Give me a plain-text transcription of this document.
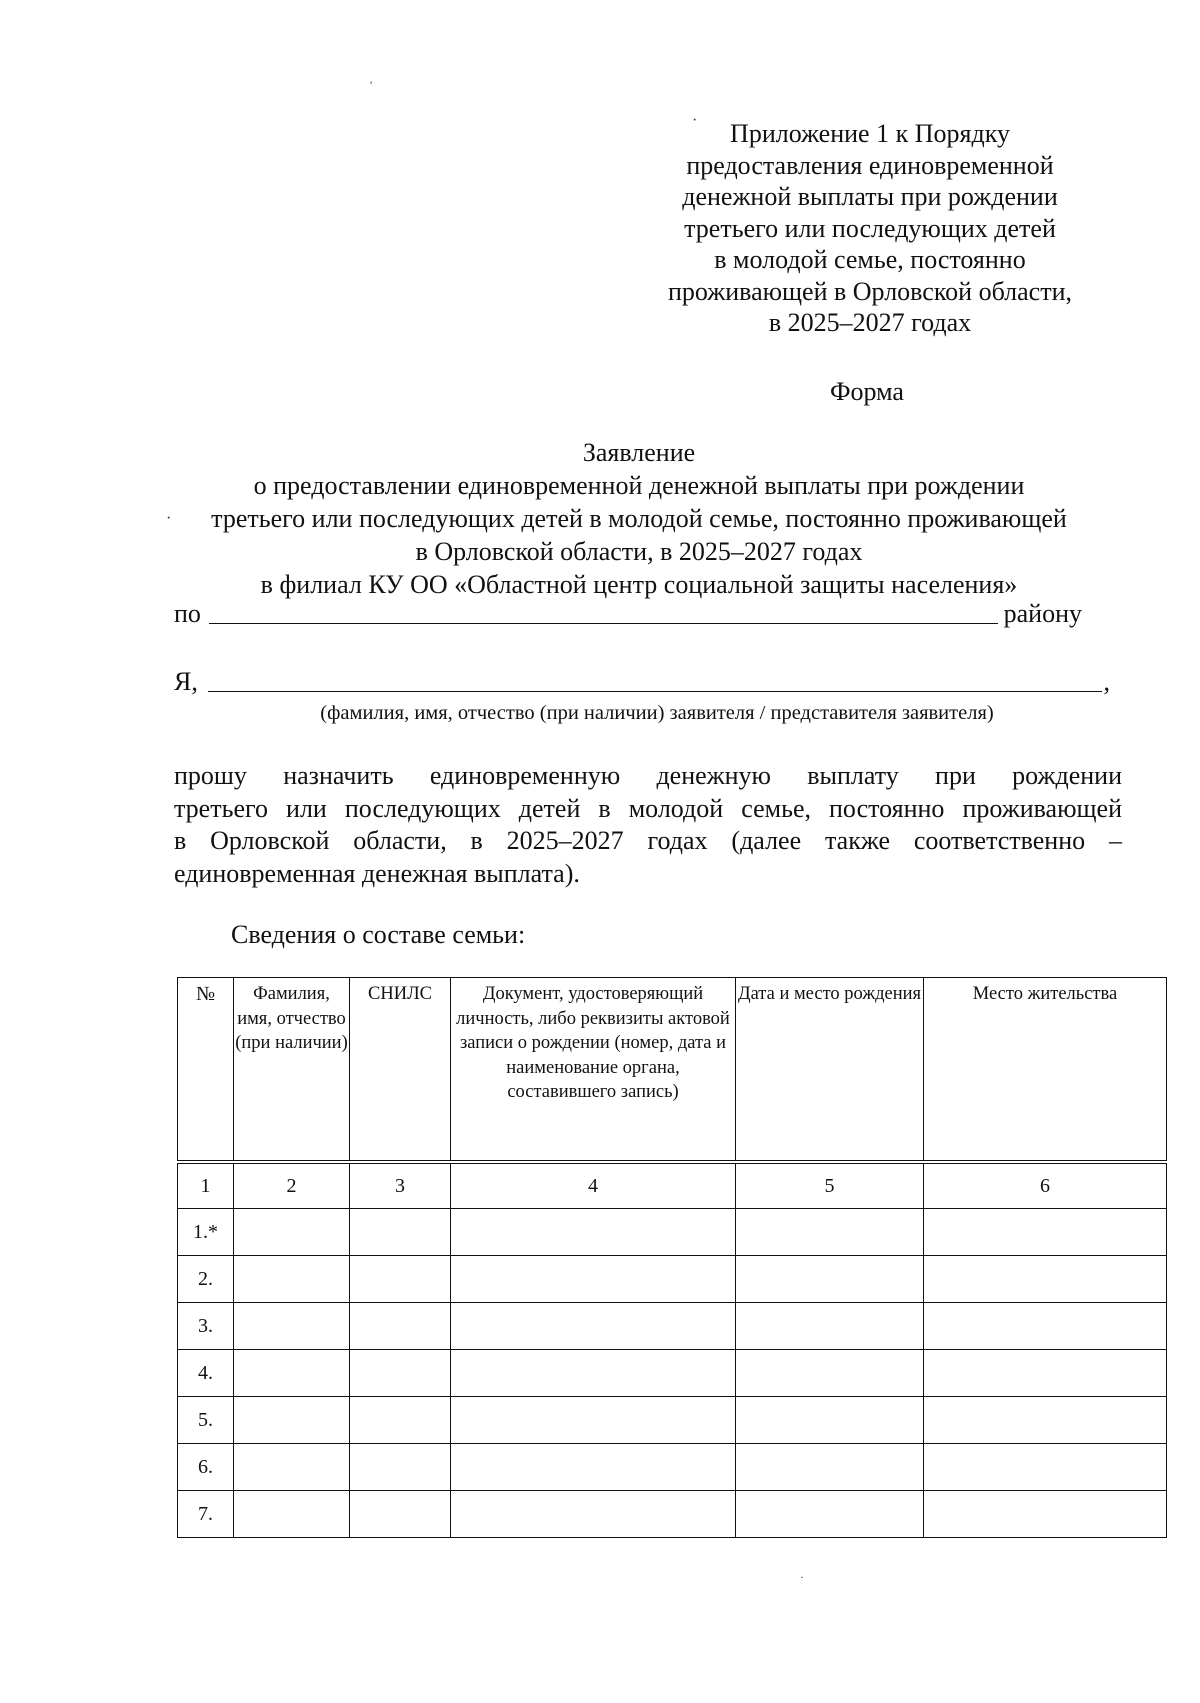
Приложение 1 к Порядку
предоставления единовременной
денежной выплаты при рождении
третьего или последующих детей
в молодой семье, постоянно
проживающей в Орловской области,
в 2025–2027 годах
Форма
Заявление
о предоставлении единовременной денежной выплаты при рождении
третьего или последующих детей в молодой семье, постоянно проживающей
в Орловской области, в 2025–2027 годах
в филиал КУ ОО «Областной центр социальной защиты населения»
по	району
Я,	,
(фамилия, имя, отчество (при наличии) заявителя / представителя заявителя)
прошу назначить единовременную денежную выплату при рождении
третьего или последующих детей в молодой семье, постоянно проживающей
в Орловской области, в 2025–2027 годах (далее также соответственно –
единовременная денежная выплата).
Сведения о составе семьи:
№	Фамилия, имя, отчество (при наличии)	СНИЛС	Документ, удостоверяющий личность, либо реквизиты актовой записи о рождении (номер, дата и наименование органа, составившего запись)	Дата и место рождения	Место жительства
1	2	3	4	5	6
1.*					
2.					
3.					
4.					
5.					
6.					
7.					
·
·
'
·
